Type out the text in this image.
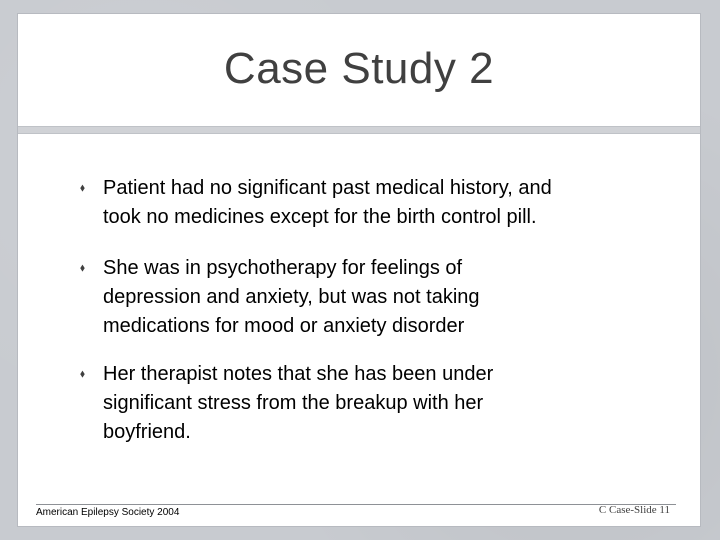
Case Study 2
⬧ Patient had no significant past medical history, and
took no medicines except for the birth control pill.
⬧ She was in psychotherapy for feelings of
depression and anxiety, but was not taking
medications for mood or anxiety disorder
⬧ Her therapist notes that she has been under
significant stress from the breakup with her
boyfriend.
American Epilepsy Society 2004	C Case-Slide 11
